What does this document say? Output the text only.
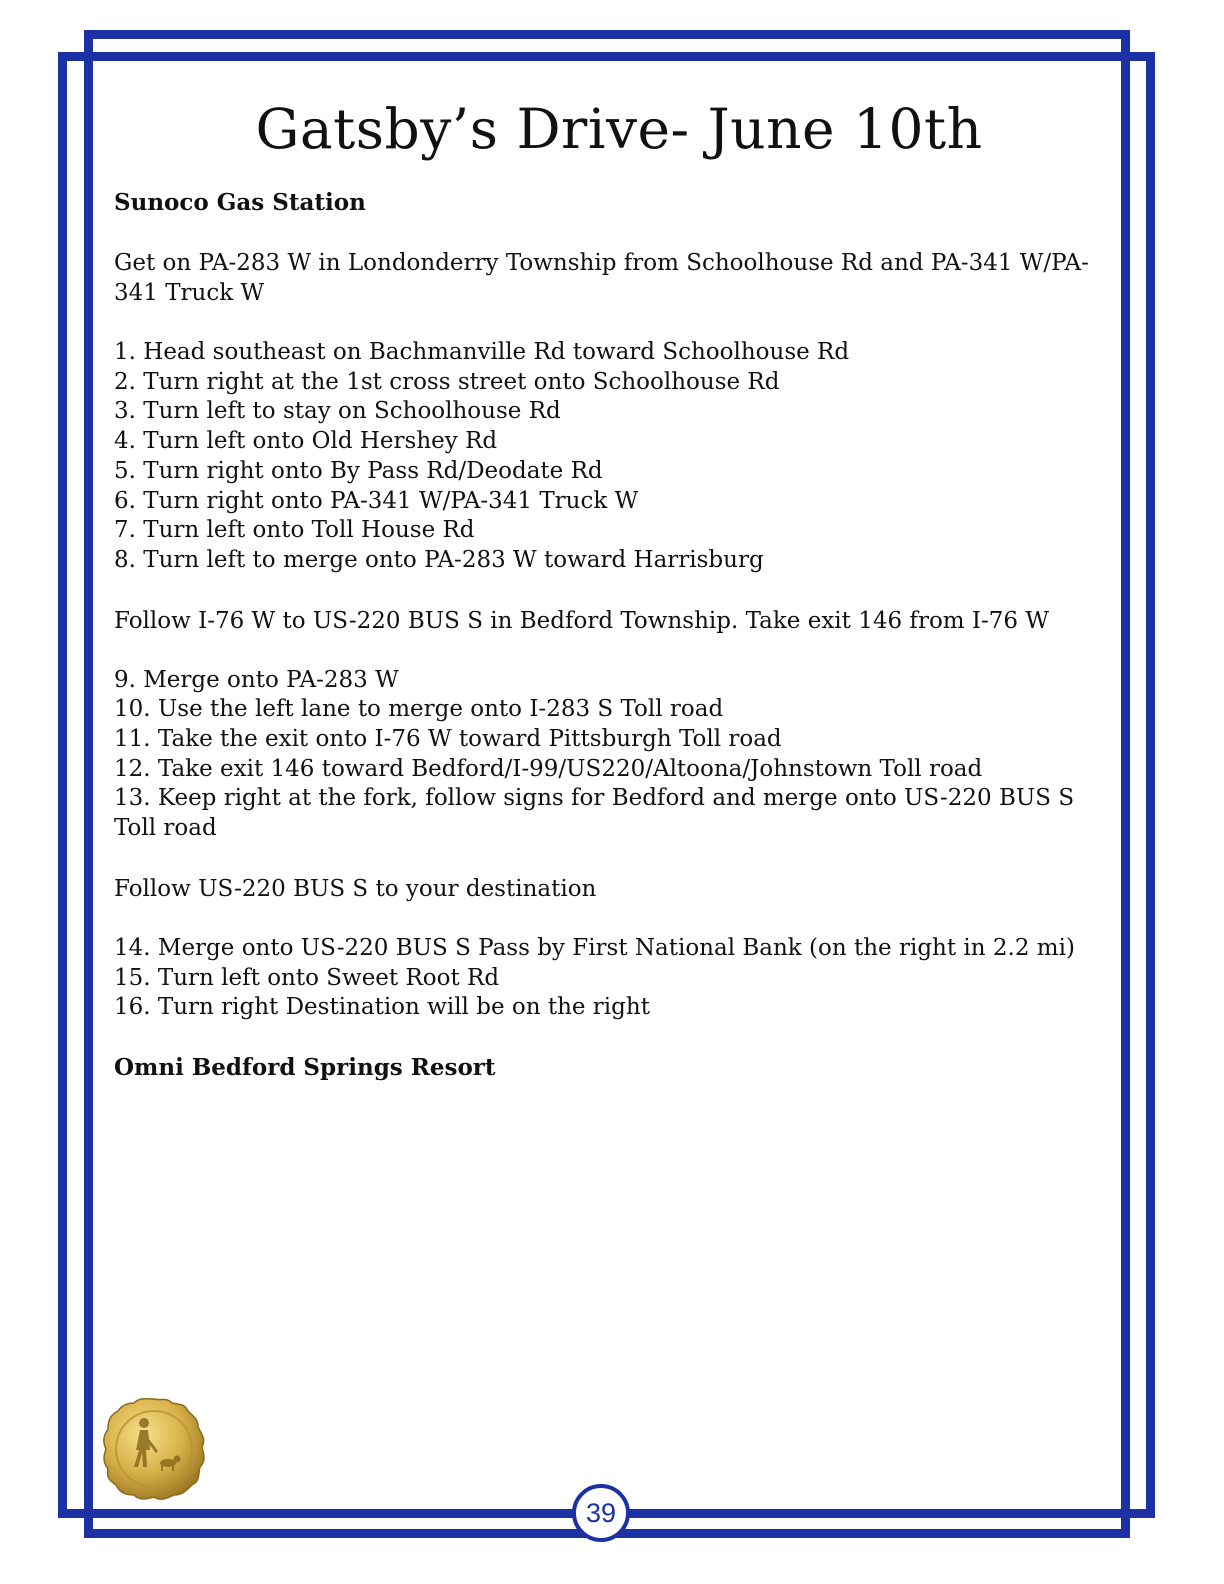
Gatsby’s Drive- June 10th

Sunoco Gas Station

Get on PA-283 W in Londonderry Township from Schoolhouse Rd and PA-341 W/PA-341 Truck W

1. Head southeast on Bachmanville Rd toward Schoolhouse Rd
2. Turn right at the 1st cross street onto Schoolhouse Rd
3. Turn left to stay on Schoolhouse Rd
4. Turn left onto Old Hershey Rd
5. Turn right onto By Pass Rd/Deodate Rd
6. Turn right onto PA-341 W/PA-341 Truck W
7. Turn left onto Toll House Rd
8. Turn left to merge onto PA-283 W toward Harrisburg

Follow I-76 W to US-220 BUS S in Bedford Township. Take exit 146 from I-76 W

9. Merge onto PA-283 W
10. Use the left lane to merge onto I-283 S Toll road
11. Take the exit onto I-76 W toward Pittsburgh Toll road
12. Take exit 146 toward Bedford/I-99/US220/Altoona/Johnstown Toll road
13. Keep right at the fork, follow signs for Bedford and merge onto US-220 BUS S Toll road

Follow US-220 BUS S to your destination

14. Merge onto US-220 BUS S Pass by First National Bank (on the right in 2.2 mi)
15. Turn left onto Sweet Root Rd
16. Turn right Destination will be on the right

Omni Bedford Springs Resort

39
